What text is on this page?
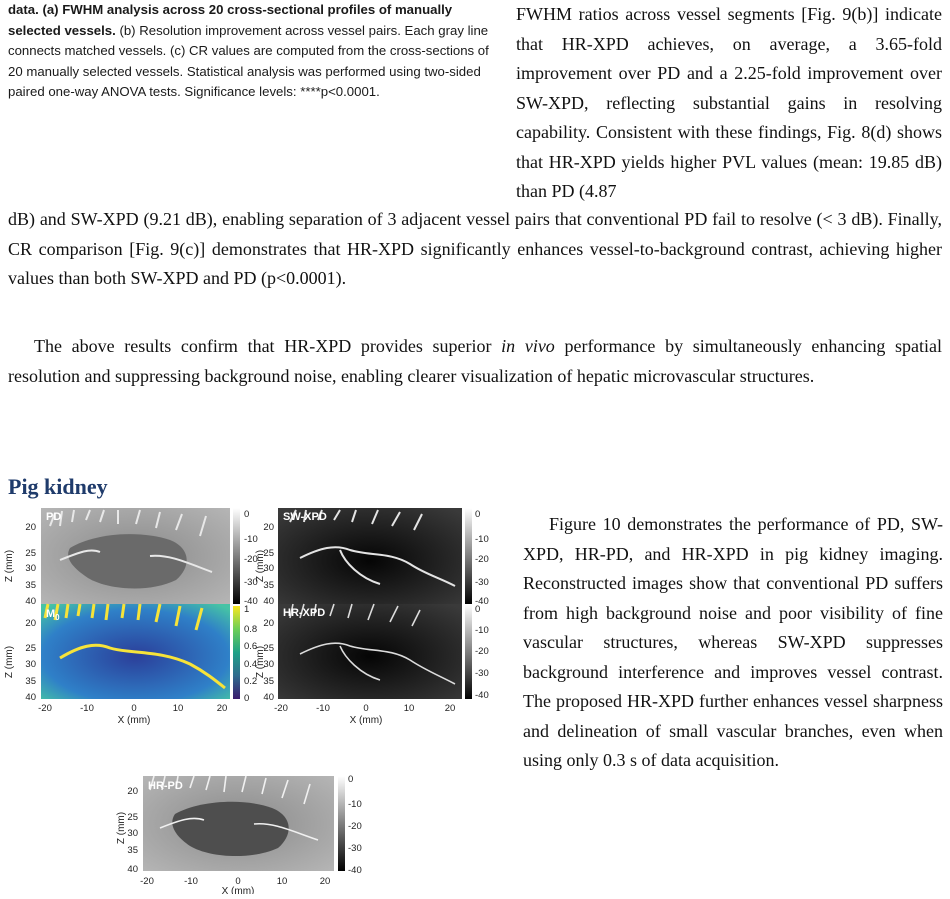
data. (a) FWHM analysis across 20 cross-sectional profiles of manually selected vessels. (b) Resolution improvement across vessel pairs. Each gray line connects matched vessels. (c) CR values are computed from the cross-sections of 20 manually selected vessels. Statistical analysis was performed using two-sided paired one-way ANOVA tests. Significance levels: ****p<0.0001.
FWHM ratios across vessel segments [Fig. 9(b)] indicate that HR-XPD achieves, on average, a 3.65-fold improvement over PD and a 2.25-fold improvement over SW-XPD, reflecting substantial gains in resolving capability. Consistent with these findings, Fig. 8(d) shows that HR-XPD yields higher PVL values (mean: 19.85 dB) than PD (4.87
dB) and SW-XPD (9.21 dB), enabling separation of 3 adjacent vessel pairs that conventional PD fail to resolve (< 3 dB). Finally, CR comparison [Fig. 9(c)] demonstrates that HR-XPD significantly enhances vessel-to-background contrast, achieving higher values than both SW-XPD and PD (p<0.0001).
The above results confirm that HR-XPD provides superior in vivo performance by simultaneously enhancing spatial resolution and suppressing background noise, enabling clearer visualization of hepatic microvascular structures.
Pig kidney
PD	SW-XPD
$M_0$	HR-XPD
HR-PD
20
25
30
35
40
20
25
30
35
40
Z (mm)
Z (mm)
20
25
30
35
40
20
25
30
35
40
Z (mm)
Z (mm)
20
25
30
35
40
Z (mm)
-20	-10	0	10	20
X (mm)
-20	-10	0	10	20
X (mm)
-20	-10	0	10	20
X (mm)
0
-10
-20
-30
-40
0
-10
-20
-30
-40
1
0.8
0.6
0.4
0.2
0
0
-10
-20
-30
-40
0
-10
-20
-30
-40
Figure 10 demonstrates the performance of PD, SW-XPD, HR-PD, and HR-XPD in pig kidney imaging. Reconstructed images show that conventional PD suffers from high background noise and poor visibility of fine vascular structures, whereas SW-XPD suppresses background interference and improves vessel contrast. The proposed HR-XPD further enhances vessel sharpness and delineation of small vascular branches, even when using only 0.3 s of data acquisition.
